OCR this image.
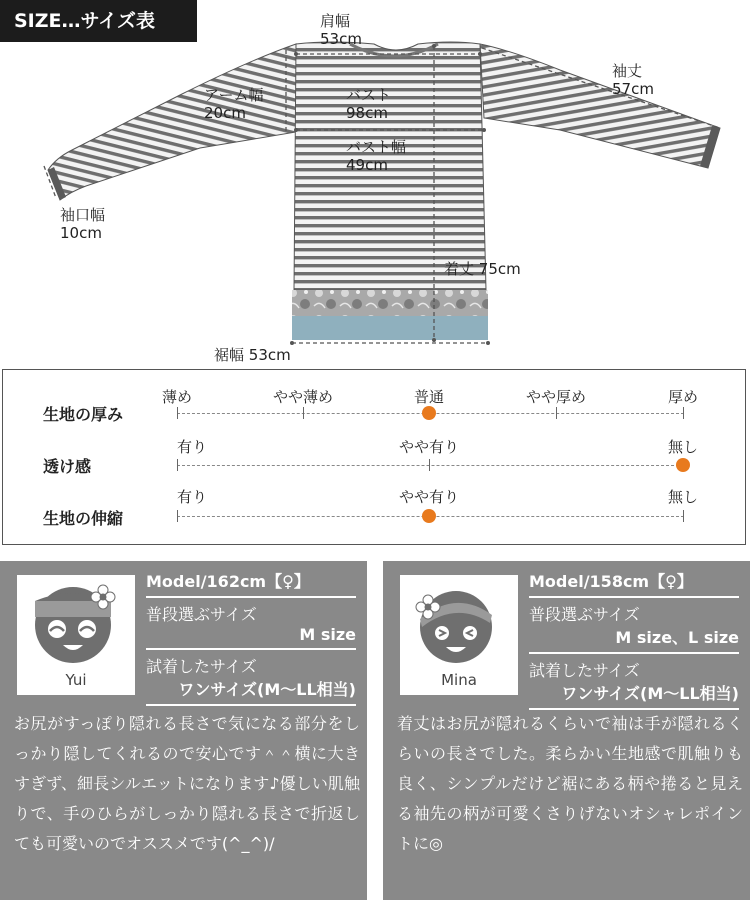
SIZE…サイズ表	肩幅
53cm
袖丈
57cm
アーム幅
20cm
バスト
98cm
バスト幅
49cm
袖口幅
10cm
着丈 75cm
裾幅 53cm
生地の厚み
薄め	やや薄め	普通	やや厚め	厚め
透け感
有り	やや有り	無し
生地の伸縮
有り	やや有り	無し
Yui
Model/162cm【♀】
普段選ぶサイズ
M size
試着したサイズ
ワンサイズ(M〜LL相当)
お尻がすっぽり隠れる長さで気になる部分をしっかり隠してくれるので安心です＾＾横に大きすぎず、細長シルエットになります♪優しい肌触りで、手のひらがしっかり隠れる長さで折返しても可愛いのでオススメです(^_^)/
Mina
Model/158cm【♀】
普段選ぶサイズ
M size、L size
試着したサイズ
ワンサイズ(M〜LL相当)
着丈はお尻が隠れるくらいで袖は手が隠れるくらいの長さでした。柔らかい生地感で肌触りも良く、シンプルだけど裾にある柄や捲ると見える袖先の柄が可愛くさりげないオシャレポイントに◎
